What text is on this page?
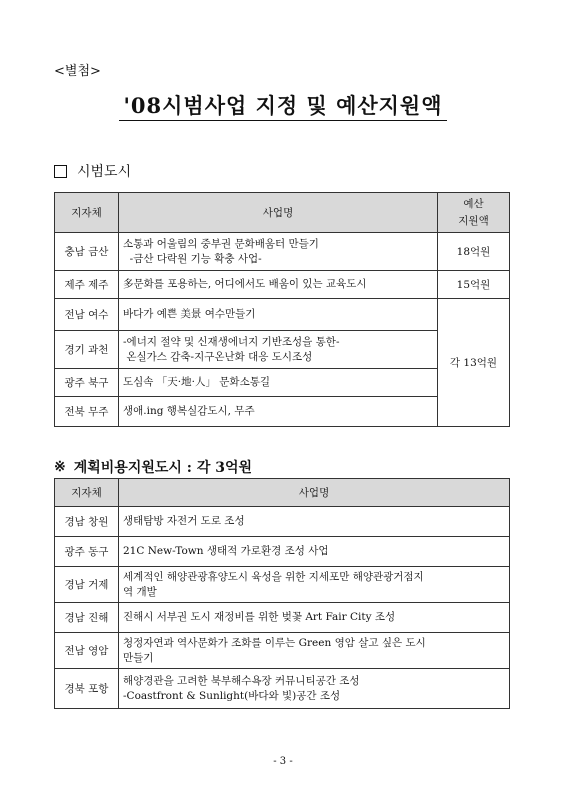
<별첨>
'08시범사업 지정 및 예산지원액
시범도시
지자체	사업명	예산
지원액

충남 금산	소통과 어울림의 중부권 문화배움터 만들기
-금산 다락원 기능 확충 사업-	18억원
제주 제주	多문화를 포용하는, 어디에서도 배움이 있는 교육도시	15억원
전남 여수	바다가 예쁜 美景 여수만들기	각 13억원
경기 과천	-에너지 절약 및 신재생에너지 기반조성을 통한-
온실가스 감축-지구온난화 대응 도시조성	

광주 북구	도심속 「天·地·人」 문화소통길	

전북 무주	생애.ing 행복실감도시, 무주	
※ 계획비용지원도시 : 각 3억원
지자체	사업명
경남 창원	생태탐방 자전거 도로 조성

광주 동구	21C New-Town 생태적 가로환경 조성 사업

경남 거제	세계적인 해양관광휴양도시 육성을 위한 지세포만 해양관광거점지
역 개발

경남 진해	진해시 서부권 도시 재정비를 위한 벚꽃 Art Fair City 조성

전남 영암	청정자연과 역사문화가 조화를 이루는 Green 영암 살고 싶은 도시
만들기

경북 포항	해양경관을 고려한 북부해수욕장 커뮤니티공간 조성
-Coastfront & Sunlight(바다와 빛)공간 조성
- 3 -
